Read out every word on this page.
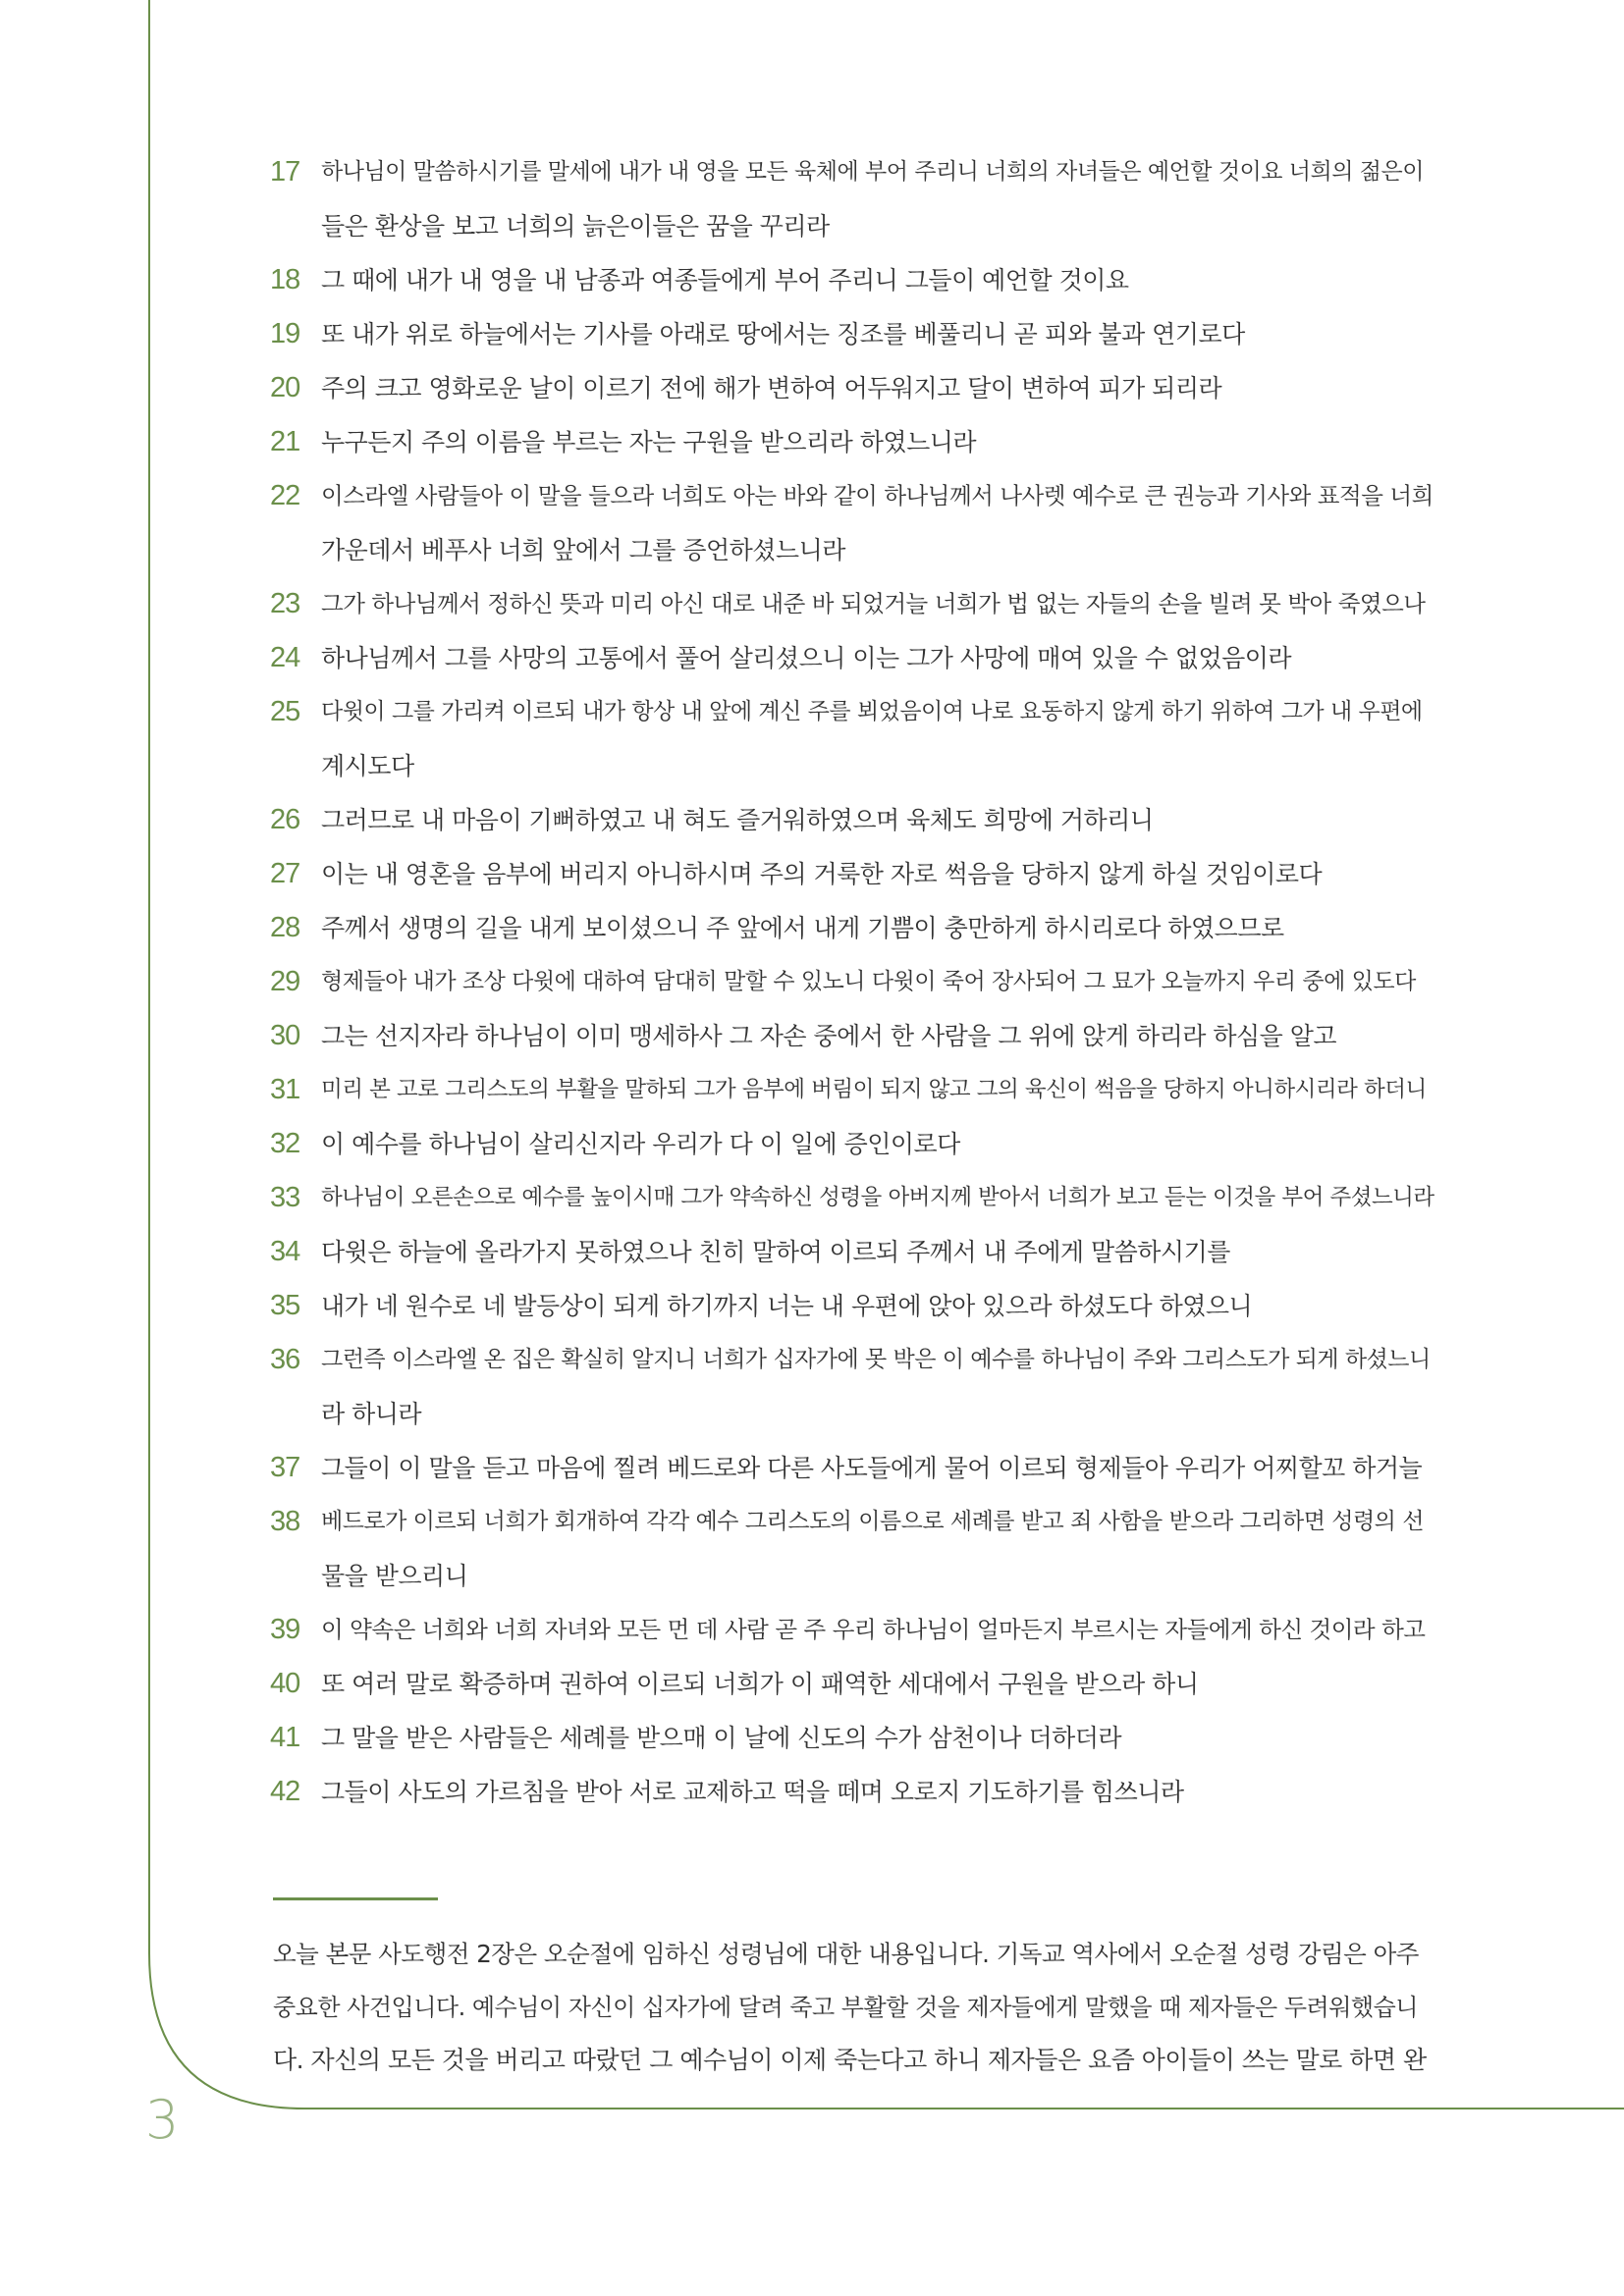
17 하나님이 말씀하시기를 말세에 내가 내 영을 모든 육체에 부어 주리니 너희의 자녀들은 예언할 것이요 너희의 젊은이
들은 환상을 보고 너희의 늙은이들은 꿈을 꾸리라
18 그 때에 내가 내 영을 내 남종과 여종들에게 부어 주리니 그들이 예언할 것이요
19 또 내가 위로 하늘에서는 기사를 아래로 땅에서는 징조를 베풀리니 곧 피와 불과 연기로다
20 주의 크고 영화로운 날이 이르기 전에 해가 변하여 어두워지고 달이 변하여 피가 되리라
21 누구든지 주의 이름을 부르는 자는 구원을 받으리라 하였느니라
22 이스라엘 사람들아 이 말을 들으라 너희도 아는 바와 같이 하나님께서 나사렛 예수로 큰 권능과 기사와 표적을 너희
가운데서 베푸사 너희 앞에서 그를 증언하셨느니라
23 그가 하나님께서 정하신 뜻과 미리 아신 대로 내준 바 되었거늘 너희가 법 없는 자들의 손을 빌려 못 박아 죽였으나
24 하나님께서 그를 사망의 고통에서 풀어 살리셨으니 이는 그가 사망에 매여 있을 수 없었음이라
25 다윗이 그를 가리켜 이르되 내가 항상 내 앞에 계신 주를 뵈었음이여 나로 요동하지 않게 하기 위하여 그가 내 우편에
계시도다
26 그러므로 내 마음이 기뻐하였고 내 혀도 즐거워하였으며 육체도 희망에 거하리니
27 이는 내 영혼을 음부에 버리지 아니하시며 주의 거룩한 자로 썩음을 당하지 않게 하실 것임이로다
28 주께서 생명의 길을 내게 보이셨으니 주 앞에서 내게 기쁨이 충만하게 하시리로다 하였으므로
29 형제들아 내가 조상 다윗에 대하여 담대히 말할 수 있노니 다윗이 죽어 장사되어 그 묘가 오늘까지 우리 중에 있도다
30 그는 선지자라 하나님이 이미 맹세하사 그 자손 중에서 한 사람을 그 위에 앉게 하리라 하심을 알고
31 미리 본 고로 그리스도의 부활을 말하되 그가 음부에 버림이 되지 않고 그의 육신이 썩음을 당하지 아니하시리라 하더니
32 이 예수를 하나님이 살리신지라 우리가 다 이 일에 증인이로다
33 하나님이 오른손으로 예수를 높이시매 그가 약속하신 성령을 아버지께 받아서 너희가 보고 듣는 이것을 부어 주셨느니라
34 다윗은 하늘에 올라가지 못하였으나 친히 말하여 이르되 주께서 내 주에게 말씀하시기를
35 내가 네 원수로 네 발등상이 되게 하기까지 너는 내 우편에 앉아 있으라 하셨도다 하였으니
36 그런즉 이스라엘 온 집은 확실히 알지니 너희가 십자가에 못 박은 이 예수를 하나님이 주와 그리스도가 되게 하셨느니
라 하니라
37 그들이 이 말을 듣고 마음에 찔려 베드로와 다른 사도들에게 물어 이르되 형제들아 우리가 어찌할꼬 하거늘
38 베드로가 이르되 너희가 회개하여 각각 예수 그리스도의 이름으로 세례를 받고 죄 사함을 받으라 그리하면 성령의 선
물을 받으리니
39 이 약속은 너희와 너희 자녀와 모든 먼 데 사람 곧 주 우리 하나님이 얼마든지 부르시는 자들에게 하신 것이라 하고
40 또 여러 말로 확증하며 권하여 이르되 너희가 이 패역한 세대에서 구원을 받으라 하니
41 그 말을 받은 사람들은 세례를 받으매 이 날에 신도의 수가 삼천이나 더하더라
42 그들이 사도의 가르침을 받아 서로 교제하고 떡을 떼며 오로지 기도하기를 힘쓰니라
오늘 본문 사도행전 2장은 오순절에 임하신 성령님에 대한 내용입니다. 기독교 역사에서 오순절 성령 강림은 아주
중요한 사건입니다. 예수님이 자신이 십자가에 달려 죽고 부활할 것을 제자들에게 말했을 때 제자들은 두려워했습니
다. 자신의 모든 것을 버리고 따랐던 그 예수님이 이제 죽는다고 하니 제자들은 요즘 아이들이 쓰는 말로 하면 완
3
